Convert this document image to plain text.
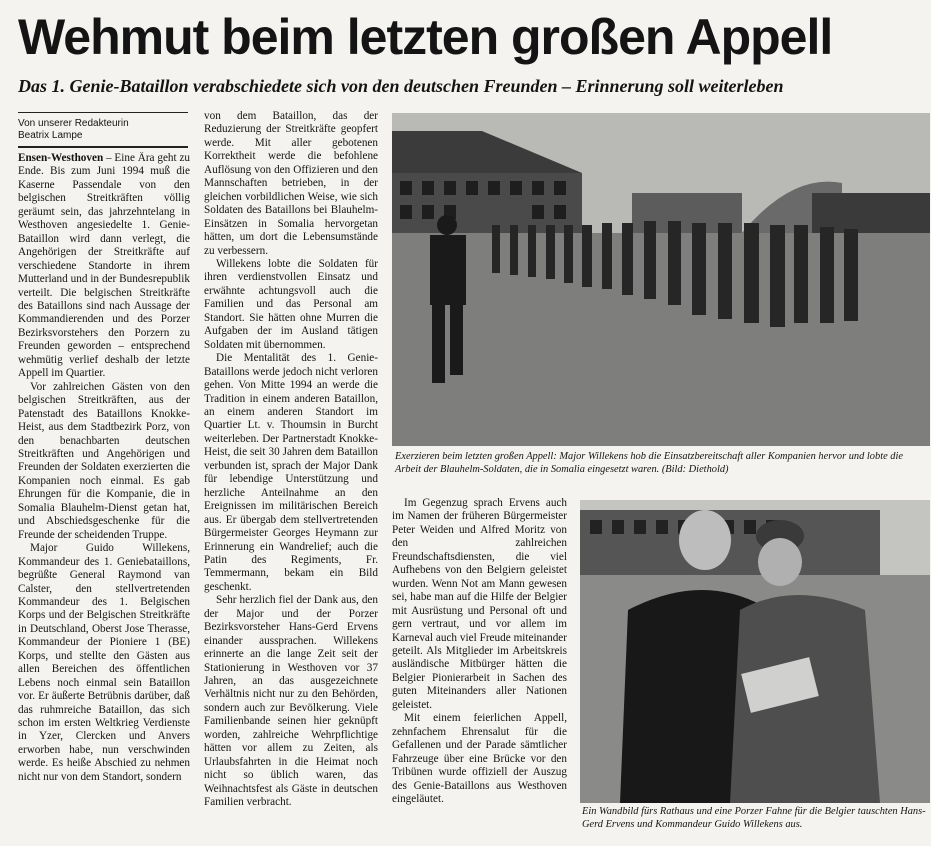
Wehmut beim letzten großen Appell
Das 1. Genie-Bataillon verabschiedete sich von den deutschen Freunden – Erinnerung soll weiterleben
Von unserer Redakteurin
Beatrix Lampe

Ensen-Westhoven – Eine Ära geht zu Ende. Bis zum Juni 1994 muß die Kaserne Passendale von den belgischen Streitkräften völlig geräumt sein, das jahrzehntelang in Westhoven angesiedelte 1. Genie-Bataillon wird dann verlegt, die Angehörigen der Streitkräfte auf verschiedene Standorte in ihrem Mutterland und in der Bundesrepublik verteilt. Die belgischen Streitkräfte des Bataillons sind nach Aussage der Kommandierenden und des Porzer Bezirksvorstehers den Porzern zu Freunden geworden – entsprechend wehmütig verlief deshalb der letzte Appell im Quartier.

Vor zahlreichen Gästen von den belgischen Streitkräften, aus der Patenstadt des Bataillons Knokke-Heist, aus dem Stadtbezirk Porz, von den benachbarten deutschen Streitkräften und Angehörigen und Freunden der Soldaten exerzierten die Kompanien noch einmal. Es gab Ehrungen für die Kompanie, die in Somalia Blauhelm-Dienst getan hat, und Abschiedsgeschenke für die Freunde der scheidenden Truppe.

Major Guido Willekens, Kommandeur des 1. Geniebataillons, begrüßte General Raymond van Calster, den stellvertretenden Kommandeur des 1. Belgischen Korps und der Belgischen Streitkräfte in Deutschland, Oberst Jose Therasse, Kommandeur der Pioniere 1 (BE) Korps, und stellte den Gästen aus allen Bereichen des öffentlichen Lebens noch einmal sein Bataillon vor. Er äußerte Betrübnis darüber, daß das ruhmreiche Bataillon, das sich schon im ersten Weltkrieg Verdienste in Yzer, Clercken und Anvers erworben habe, nun verschwinden werde. Es heiße Abschied zu nehmen nicht nur von dem Standort, sondern

von dem Bataillon, das der Reduzierung der Streitkräfte geopfert werde. Mit aller gebotenen Korrektheit werde die befohlene Auflösung von den Offizieren und den Mannschaften betrieben, in der gleichen vorbildlichen Weise, wie sich Soldaten des Bataillons bei Blauhelm-Einsätzen in Somalia hervorgetan hätten, um dort die Lebensumstände zu verbessern.

Willekens lobte die Soldaten für ihren verdienstvollen Einsatz und erwähnte achtungsvoll auch die Familien und das Personal am Standort. Sie hätten ohne Murren die Aufgaben der im Ausland tätigen Soldaten mit übernommen.

Die Mentalität des 1. Genie-Bataillons werde jedoch nicht verloren gehen. Von Mitte 1994 an werde die Tradition in einem anderen Bataillon, an einem anderen Standort im Quartier Lt. v. Thoumsin in Burcht weiterleben. Der Partnerstadt Knokke-Heist, die seit 30 Jahren dem Bataillon verbunden ist, sprach der Major Dank für lebendige Unterstützung und herzliche Anteilnahme an den Ereignissen im militärischen Bereich aus. Er übergab dem stellvertretenden Bürgermeister Georges Heymann zur Erinnerung ein Wandrelief; auch die Patin des Regiments, Fr. Temmermann, bekam ein Bild geschenkt.

Sehr herzlich fiel der Dank aus, den der Major und der Porzer Bezirksvorsteher Hans-Gerd Ervens einander aussprachen. Willekens erinnerte an die lange Zeit seit der Stationierung in Westhoven vor 37 Jahren, an das ausgezeichnete Verhältnis nicht nur zu den Behörden, sondern auch zur Bevölkerung. Viele Familienbande seinen hier geknüpft worden, zahlreiche Wehrpflichtige hätten vor allem zu Zeiten, als Urlaubsfahrten in die Heimat noch nicht so üblich waren, das Weihnachtsfest als Gäste in deutschen Familien verbracht.

Exerzieren beim letzten großen Appell: Major Willekens hob die Einsatzbereitschaft aller Kompanien hervor und lobte die Arbeit der Blauhelm-Soldaten, die in Somalia eingesetzt waren. (Bild: Diethold)

Im Gegenzug sprach Ervens auch im Namen der früheren Bürgermeister Peter Weiden und Alfred Moritz von den zahlreichen Freundschaftsdiensten, die viel Aufhebens von den Belgiern geleistet wurden. Wenn Not am Mann gewesen sei, habe man auf die Hilfe der Belgier mit Ausrüstung und Personal oft und gern vertraut, und vor allem im Karneval auch viel Freude miteinander geteilt. Als Mitglieder im Arbeitskreis ausländische Mitbürger hätten die Belgier Pionierarbeit in Sachen des guten Miteinanders aller Nationen geleistet.

Mit einem feierlichen Appell, zehnfachem Ehrensalut für die Gefallenen und der Parade sämtlicher Fahrzeuge über eine Brücke vor den Tribünen wurde offiziell der Auszug des Genie-Bataillons aus Westhoven eingeläutet.

Ein Wandbild fürs Rathaus und eine Porzer Fahne für die Belgier tauschten Hans-Gerd Ervens und Kommandeur Guido Willekens aus.
